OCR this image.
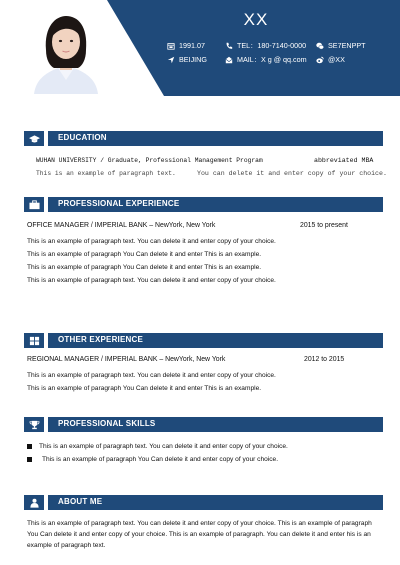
XX
1991.07
BEIJING
TEL：180-7140-0000
MAIL：X g @ qq.com
SE7ENPPT
@XX
EDUCATION
WUHAN UNIVERSITY / Graduate, Professional Management Program	abbreviated MBA
This is an example of paragraph text.	You can delete it and enter copy of your choice.
PROFESSIONAL EXPERIENCE
OFFICE MANAGER / IMPERIAL BANK – NewYork, New York	2015 to present
This is an example of paragraph text. You can delete it and enter copy of your choice.
This is an example of paragraph You Can delete it and enter This is an example.
This is an example of paragraph You Can delete it and enter This is an example.
This is an example of paragraph text. You can delete it and enter copy of your choice.
OTHER EXPERIENCE
REGIONAL MANAGER / IMPERIAL BANK – NewYork, New York	2012 to 2015
This is an example of paragraph text. You can delete it and enter copy of your choice.
This is an example of paragraph You Can delete it and enter This is an example.
PROFESSIONAL SKILLS
This is an example of paragraph text. You can delete it and enter copy of your choice.
This is an example of paragraph You Can delete it and enter copy of your choice.
ABOUT ME
This is an example of paragraph text. You can delete it and enter copy of your choice. This is an example of paragraph You Can delete it and enter copy of your choice. This is an example of paragraph. You can delete it and enter his is an example of paragraph text.
